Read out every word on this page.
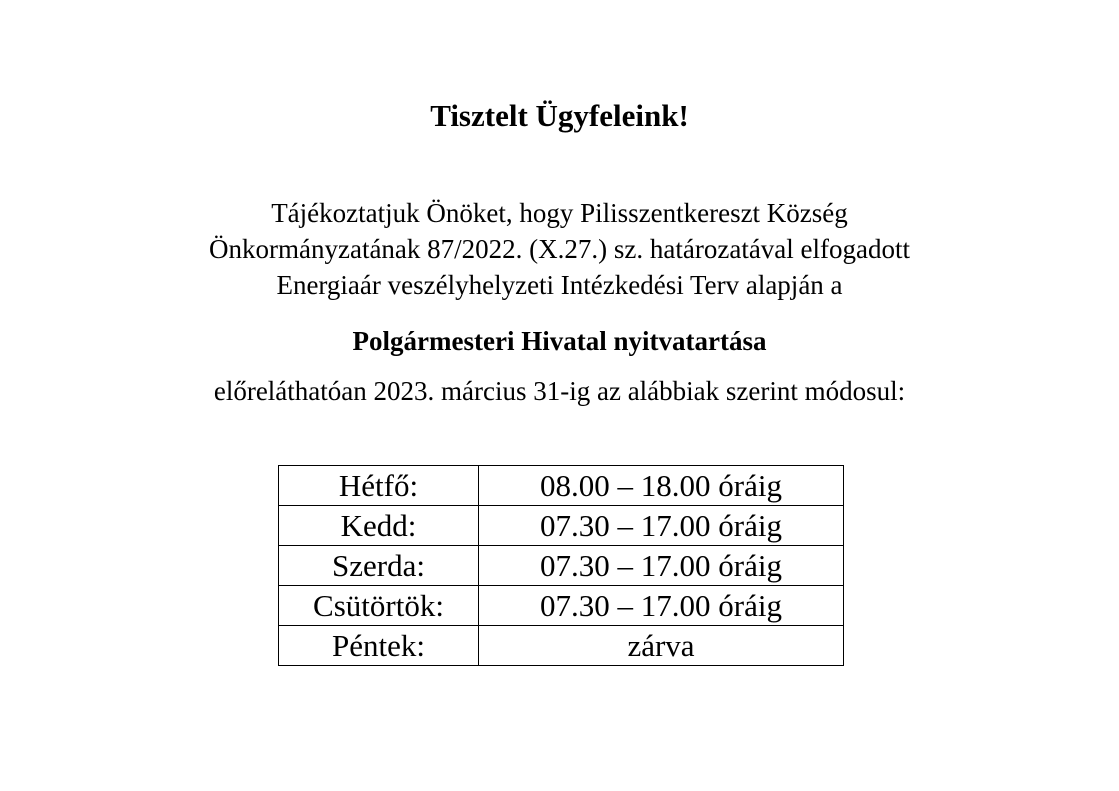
Tisztelt Ügyfeleink!
Tájékoztatjuk Önöket, hogy Pilisszentkereszt Község
Önkormányzatának 87/2022. (X.27.) sz. határozatával elfogadott
Energiaár veszélyhelyzeti Intézkedési Terv alapján a
Polgármesteri Hivatal nyitvatartása
előreláthatóan 2023. március 31-ig az alábbiak szerint módosul:
Hétfő:	08.00 – 18.00 óráig
Kedd:	07.30 – 17.00 óráig
Szerda:	07.30 – 17.00 óráig
Csütörtök:	07.30 – 17.00 óráig
Péntek:	zárva
